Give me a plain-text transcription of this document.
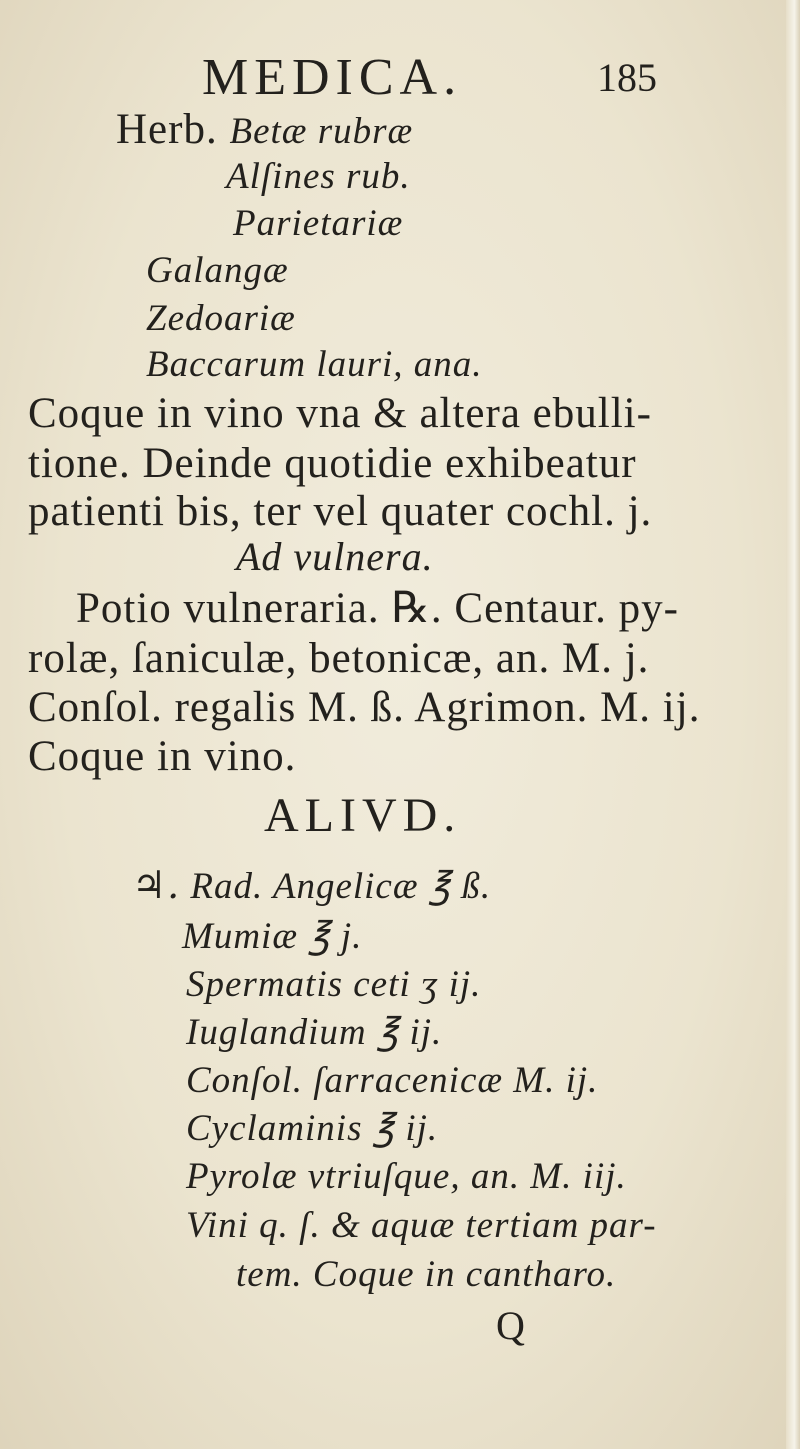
MEDICA.	185
Herb. Betæ rubræ
Alſines rub.
Parietariæ
Galangæ
Zedoariæ
Baccarum lauri, ana.
Coque in vino vna & altera ebulli-
tione. Deinde quotidie exhibeatur
patienti bis, ter vel quater cochl. j.
Ad vulnera.
Potio vulneraria. ℞. Centaur. py-
rolæ, ſaniculæ, betonicæ, an. M. j.
Conſol. regalis M. ß. Agrimon. M. ij.
Coque in vino.
ALIVD.
♃. Rad. Angelicæ ℥ ß.
Mumiæ ℥ j.
Spermatis ceti ʒ ij.
Iuglandium ℥ ij.
Conſol. ſarracenicæ M. ij.
Cyclaminis ℥ ij.
Pyrolæ vtriuſque, an. M. iij.
Vini q. ſ. & aquæ tertiam par-
tem. Coque in cantharo.
Q
